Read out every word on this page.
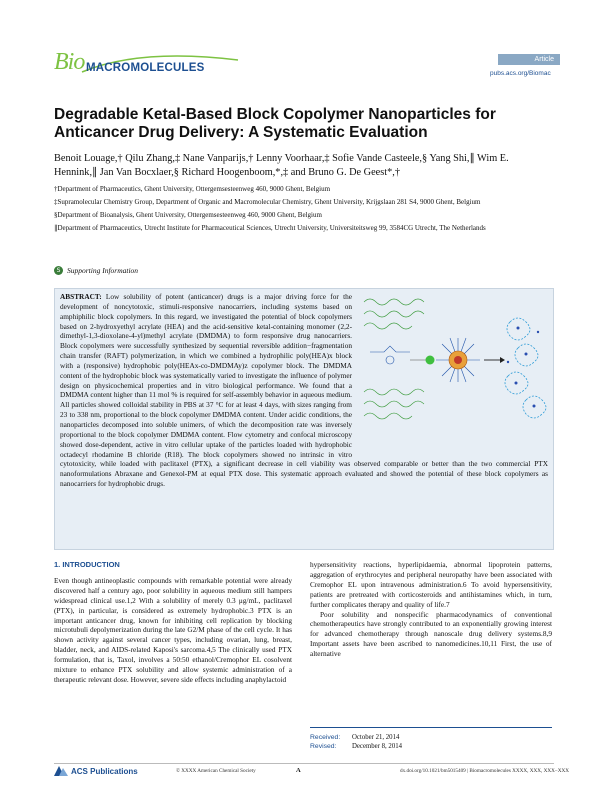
Bio MACROMOLECULES
Article
pubs.acs.org/Biomac
Degradable Ketal-Based Block Copolymer Nanoparticles for Anticancer Drug Delivery: A Systematic Evaluation
Benoit Louage,† Qilu Zhang,‡ Nane Vanparijs,† Lenny Voorhaar,‡ Sofie Vande Casteele,§ Yang Shi,∥ Wim E. Hennink,∥ Jan Van Bocxlaer,§ Richard Hoogenboom,*,‡ and Bruno G. De Geest*,†
†Department of Pharmaceutics, Ghent University, Ottergemsesteenweg 460, 9000 Ghent, Belgium
‡Supramolecular Chemistry Group, Department of Organic and Macromolecular Chemistry, Ghent University, Krijgslaan 281 S4, 9000 Ghent, Belgium
§Department of Bioanalysis, Ghent University, Ottergemsesteenweg 460, 9000 Ghent, Belgium
∥Department of Pharmaceutics, Utrecht Institute for Pharmaceutical Sciences, Utrecht University, Universiteitsweg 99, 3584CG Utrecht, The Netherlands
S Supporting Information
ABSTRACT: Low solubility of potent (anticancer) drugs is a major driving force for the development of noncytotoxic, stimuli-responsive nanocarriers, including systems based on amphiphilic block copolymers. In this regard, we investigated the potential of block copolymers based on 2-hydroxyethyl acrylate (HEA) and the acid-sensitive ketal-containing monomer (2,2-dimethyl-1,3-dioxolane-4-yl)methyl acrylate (DMDMA) to form responsive drug nanocarriers. Block copolymers were successfully synthesized by sequential reversible addition−fragmentation chain transfer (RAFT) polymerization, in which we combined a hydrophilic poly(HEA)x block with a (responsive) hydrophobic poly(HEAx-co-DMDMAy)z copolymer block. The DMDMA content of the hydrophobic block was systematically varied to investigate the influence of polymer design on physicochemical properties and in vitro biological performance. We found that a DMDMA content higher than 11 mol % is required for self-assembly behavior in aqueous medium. All particles showed colloidal stability in PBS at 37 °C for at least 4 days, with sizes ranging from 23 to 338 nm, proportional to the block copolymer DMDMA content. Under acidic conditions, the nanoparticles decomposed into soluble unimers, of which the decomposition rate was inversely proportional to the block copolymer DMDMA content. Flow cytometry and confocal microscopy showed dose-dependent, active in vitro cellular uptake of the particles loaded with hydrophobic octadecyl rhodamine B chloride (R18). The block copolymers showed no intrinsic in vitro cytotoxicity, while loaded with paclitaxel (PTX), a significant decrease in cell viability was observed comparable or better than the two commercial PTX nanoformulations Abraxane and Genexol-PM at equal PTX dose. This systematic approach evaluated and showed the potential of these block copolymers as nanocarriers for hydrophobic drugs.
1. INTRODUCTION
Even though antineoplastic compounds with remarkable potential were already discovered half a century ago, poor solubility in aqueous medium still hampers widespread clinical use.1,2 With a solubility of merely 0.3 μg/mL, paclitaxel (PTX), in particular, is considered as extremely hydrophobic.3 PTX is an important anticancer drug, known for inhibiting cell replication by blocking microtubuli depolymerization during the late G2/M phase of the cell cycle. It has shown activity against several cancer types, including ovarian, lung, breast, bladder, neck, and AIDS-related Kaposi's sarcoma.4,5 The clinically used PTX formulation, that is, Taxol, involves a 50:50 ethanol/Cremophor EL cosolvent mixture to enhance PTX solubility and allow systemic administration of a therapeutic relevant dose. However, severe side effects including anaphylactoid
hypersensitivity reactions, hyperlipidaemia, abnormal lipoprotein patterns, aggregation of erythrocytes and peripheral neuropathy have been associated with Cremophor EL upon intravenous administration.6 To avoid hypersensitivity, patients are pretreated with corticosteroids and antihistamines which, in turn, further complicates therapy and quality of life.7
Poor solubility and nonspecific pharmacodynamics of conventional chemotherapeutics have strongly contributed to an exponentially growing interest for advanced chemotherapy through nanoscale drug delivery systems.8,9 Important assets have been ascribed to nanomedicines.10,11 First, the use of alternative
Received:	October 21, 2014
Revised:	December 8, 2014
ACS Publications	© XXXX American Chemical Society	A	dx.doi.org/10.1021/bm5015409 | Biomacromolecules XXXX, XXX, XXX−XXX
